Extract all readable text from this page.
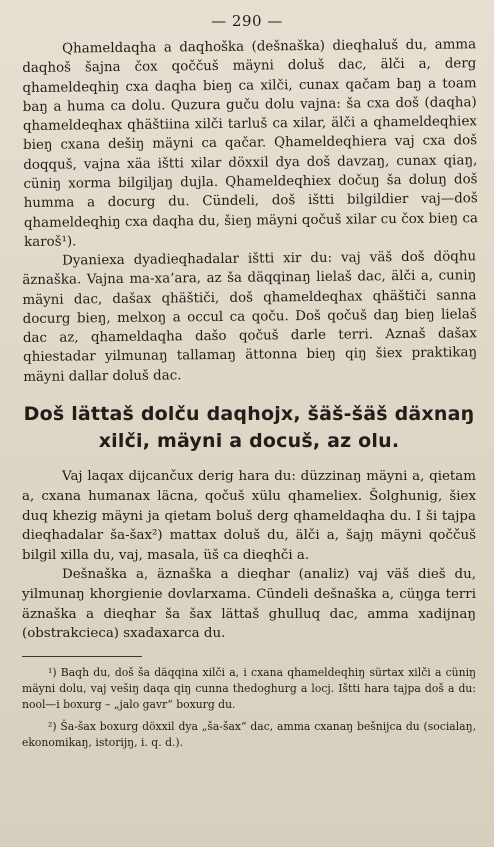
— 290 —

Qhameldaqha a daqhoška (dešnaška) dieqhaluš du, amma daqhoš šajna čox qoččuš mäyni doluš dac, älči a, derg qhameldeqhiŋ cxa daqha bieŋ ca xilči, cunax qačam baŋ a toam baŋ a huma ca dolu. Quzura guču dolu vajna: ša cxa doš (daqha) qhameldeqhax qhäštiina xilči tarluš ca xilar, älči a qhameldeqhiex bieŋ cxana dešiŋ mäyni ca qačar. Qhameldeqhiera vaj cxa doš doqquš, vajna xäa ištti xilar döxxil dya doš davzaŋ, cunax qiaŋ, cüniŋ xorma bilgiljaŋ dujla. Qhameldeqhiex dočuŋ ša doluŋ doš humma a docurg du. Cündeli, doš ištti bilgildier vaj—doš qhameldeqhiŋ cxa daqha du, šieŋ mäyni qočuš xilar cu čox bieŋ ca karoš¹).

Dyanieха dyadieqhadalar ištti xir du: vaj väš doš döqhu äznaška. Vajna ma-xa’ara, az ša däqqinaŋ lielaš dac, älči a, cuniŋ mäyni dac, dašax qhäštiči, doš qhameldeqhax qhäštiči sanna docurg bieŋ, melxoŋ a occul ca qoču. Doš qočuš daŋ bieŋ lielaš dac az, qhameldaqha dašo qočuš darle terri. Aznaš dašax qhiestadar yilmunaŋ tallamaŋ ättonna bieŋ qiŋ šiex praktikaŋ mäyni dallar doluš dac.

Doš lättaš dolču daqhojx, šäš-šäš däxnaŋ xilči, mäyni a docuš, az olu.

Vaj laqax dijcančux derig hara du: düzzinaŋ mäyni a, qietam a, cxana humanax läcna, qočuš xülu qhameliex. Šolghunig, šiex duq khezig mäyni ja qietam boluš derg qhameldaqha du. I ši tajpa dieqhadalar ša-šax²) mattax doluš du, älči a, šajŋ mäyni qoččuš bilgil xilla du, vaj, masala, üš ca dieqhči a.

Dešnaška a, äznaška a dieqhar (analiz) vaj väš dieš du, yilmunaŋ khorgienie dovlarxama. Cündeli dešnaška a, cüŋga terri äznaška a dieqhar ša šax lättaš ghulluq dac, amma xadijnaŋ (obstrakcieca) sxadaxarca du.

¹) Baqh du, doš ša däqqina xilči a, i cxana qhameldeqhiŋ sürtax xilči a cüniŋ mäyni dolu, vaj vešiŋ daqa qiŋ cunna thedoghurg a locj. Ištti hara tajpa doš a du: nool—i boxurg – „jalo gavr“ boxurg du.

²) Ša-šax boxurg döxxil dya „ša-šax“ dac, amma cxanaŋ bešnijca du (socialaŋ, ekonomikaŋ, istorijŋ, i. q. d.).
